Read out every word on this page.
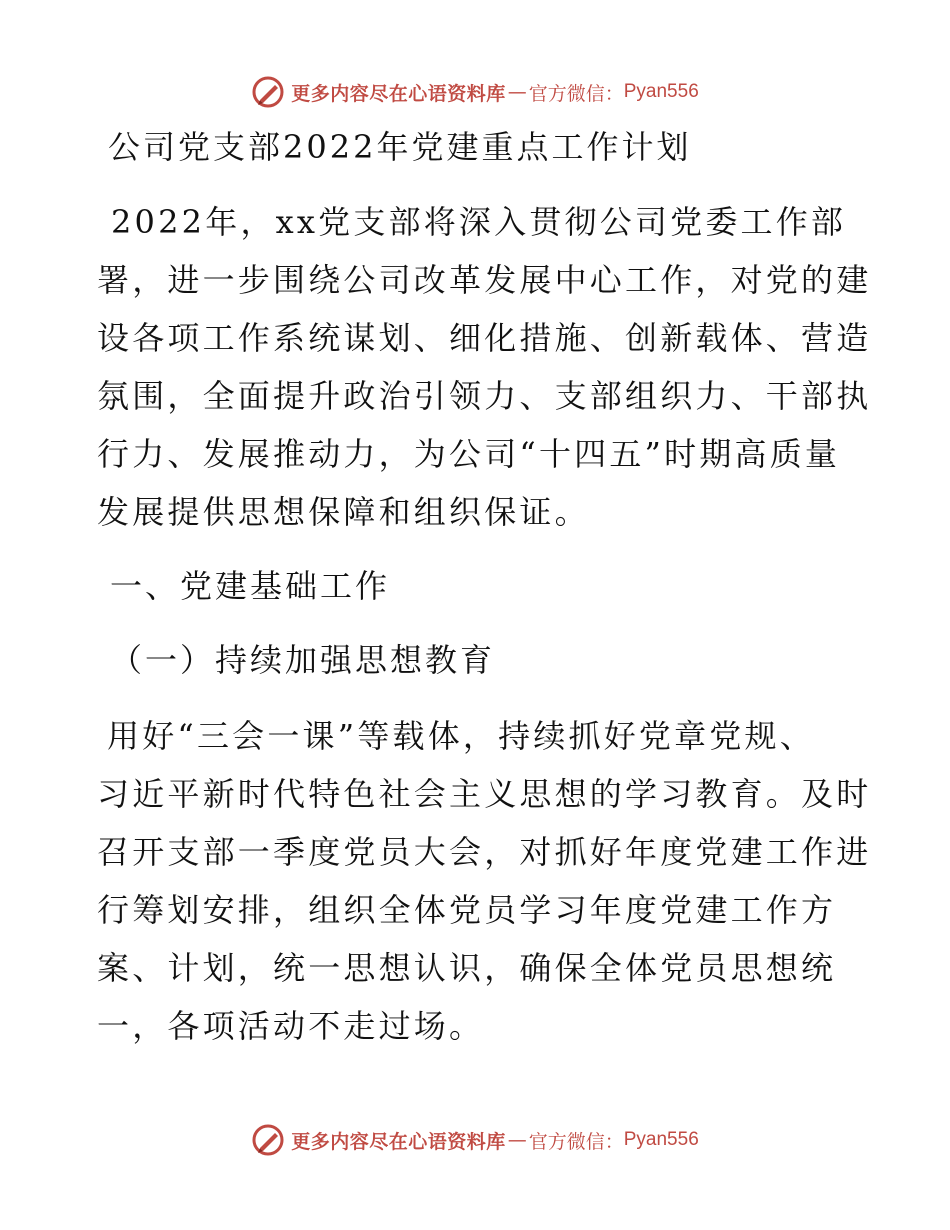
更多内容尽在心语资料库 — 官方微信： Pyan556
公司党支部2022年党建重点工作计划
2022年，xx党支部将深入贯彻公司党委工作部
署，进一步围绕公司改革发展中心工作，对党的建
设各项工作系统谋划、细化措施、创新载体、营造
氛围，全面提升政治引领力、支部组织力、干部执
行力、发展推动力，为公司“十四五”时期高质量
发展提供思想保障和组织保证。
一、党建基础工作
（一）持续加强思想教育
用好“三会一课”等载体，持续抓好党章党规、
习近平新时代特色社会主义思想的学习教育。及时
召开支部一季度党员大会，对抓好年度党建工作进
行筹划安排，组织全体党员学习年度党建工作方
案、计划，统一思想认识，确保全体党员思想统
一，各项活动不走过场。
更多内容尽在心语资料库 — 官方微信： Pyan556
